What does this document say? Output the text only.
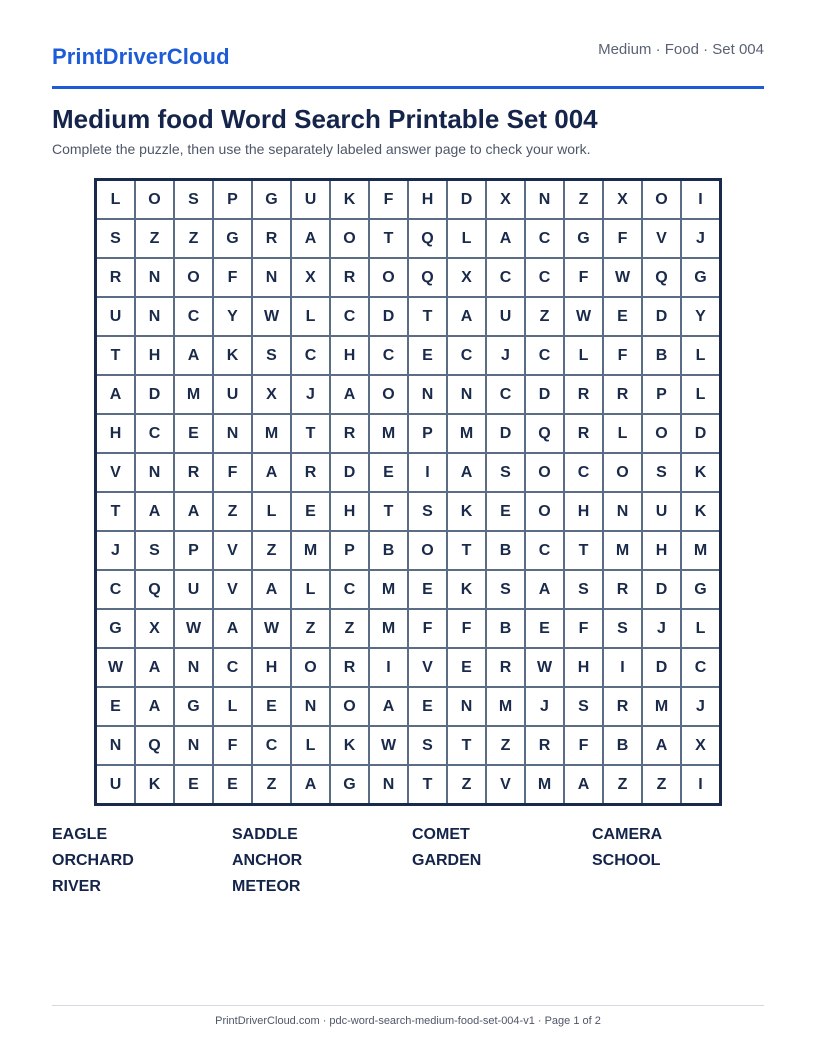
PrintDriverCloud	Medium · Food · Set 004
Medium food Word Search Printable Set 004
Complete the puzzle, then use the separately labeled answer page to check your work.
L	O	S	P	G	U	K	F	H	D	X	N	Z	X	O	I
S	Z	Z	G	R	A	O	T	Q	L	A	C	G	F	V	J
R	N	O	F	N	X	R	O	Q	X	C	C	F	W	Q	G
U	N	C	Y	W	L	C	D	T	A	U	Z	W	E	D	Y
T	H	A	K	S	C	H	C	E	C	J	C	L	F	B	L
A	D	M	U	X	J	A	O	N	N	C	D	R	R	P	L
H	C	E	N	M	T	R	M	P	M	D	Q	R	L	O	D
V	N	R	F	A	R	D	E	I	A	S	O	C	O	S	K
T	A	A	Z	L	E	H	T	S	K	E	O	H	N	U	K
J	S	P	V	Z	M	P	B	O	T	B	C	T	M	H	M
C	Q	U	V	A	L	C	M	E	K	S	A	S	R	D	G
G	X	W	A	W	Z	Z	M	F	F	B	E	F	S	J	L
W	A	N	C	H	O	R	I	V	E	R	W	H	I	D	C
E	A	G	L	E	N	O	A	E	N	M	J	S	R	M	J
N	Q	N	F	C	L	K	W	S	T	Z	R	F	B	A	X
U	K	E	E	Z	A	G	N	T	Z	V	M	A	Z	Z	I
EAGLE	SADDLE	COMET	CAMERA
ORCHARD	ANCHOR	GARDEN	SCHOOL
RIVER	METEOR
PrintDriverCloud.com · pdc-word-search-medium-food-set-004-v1 · Page 1 of 2
